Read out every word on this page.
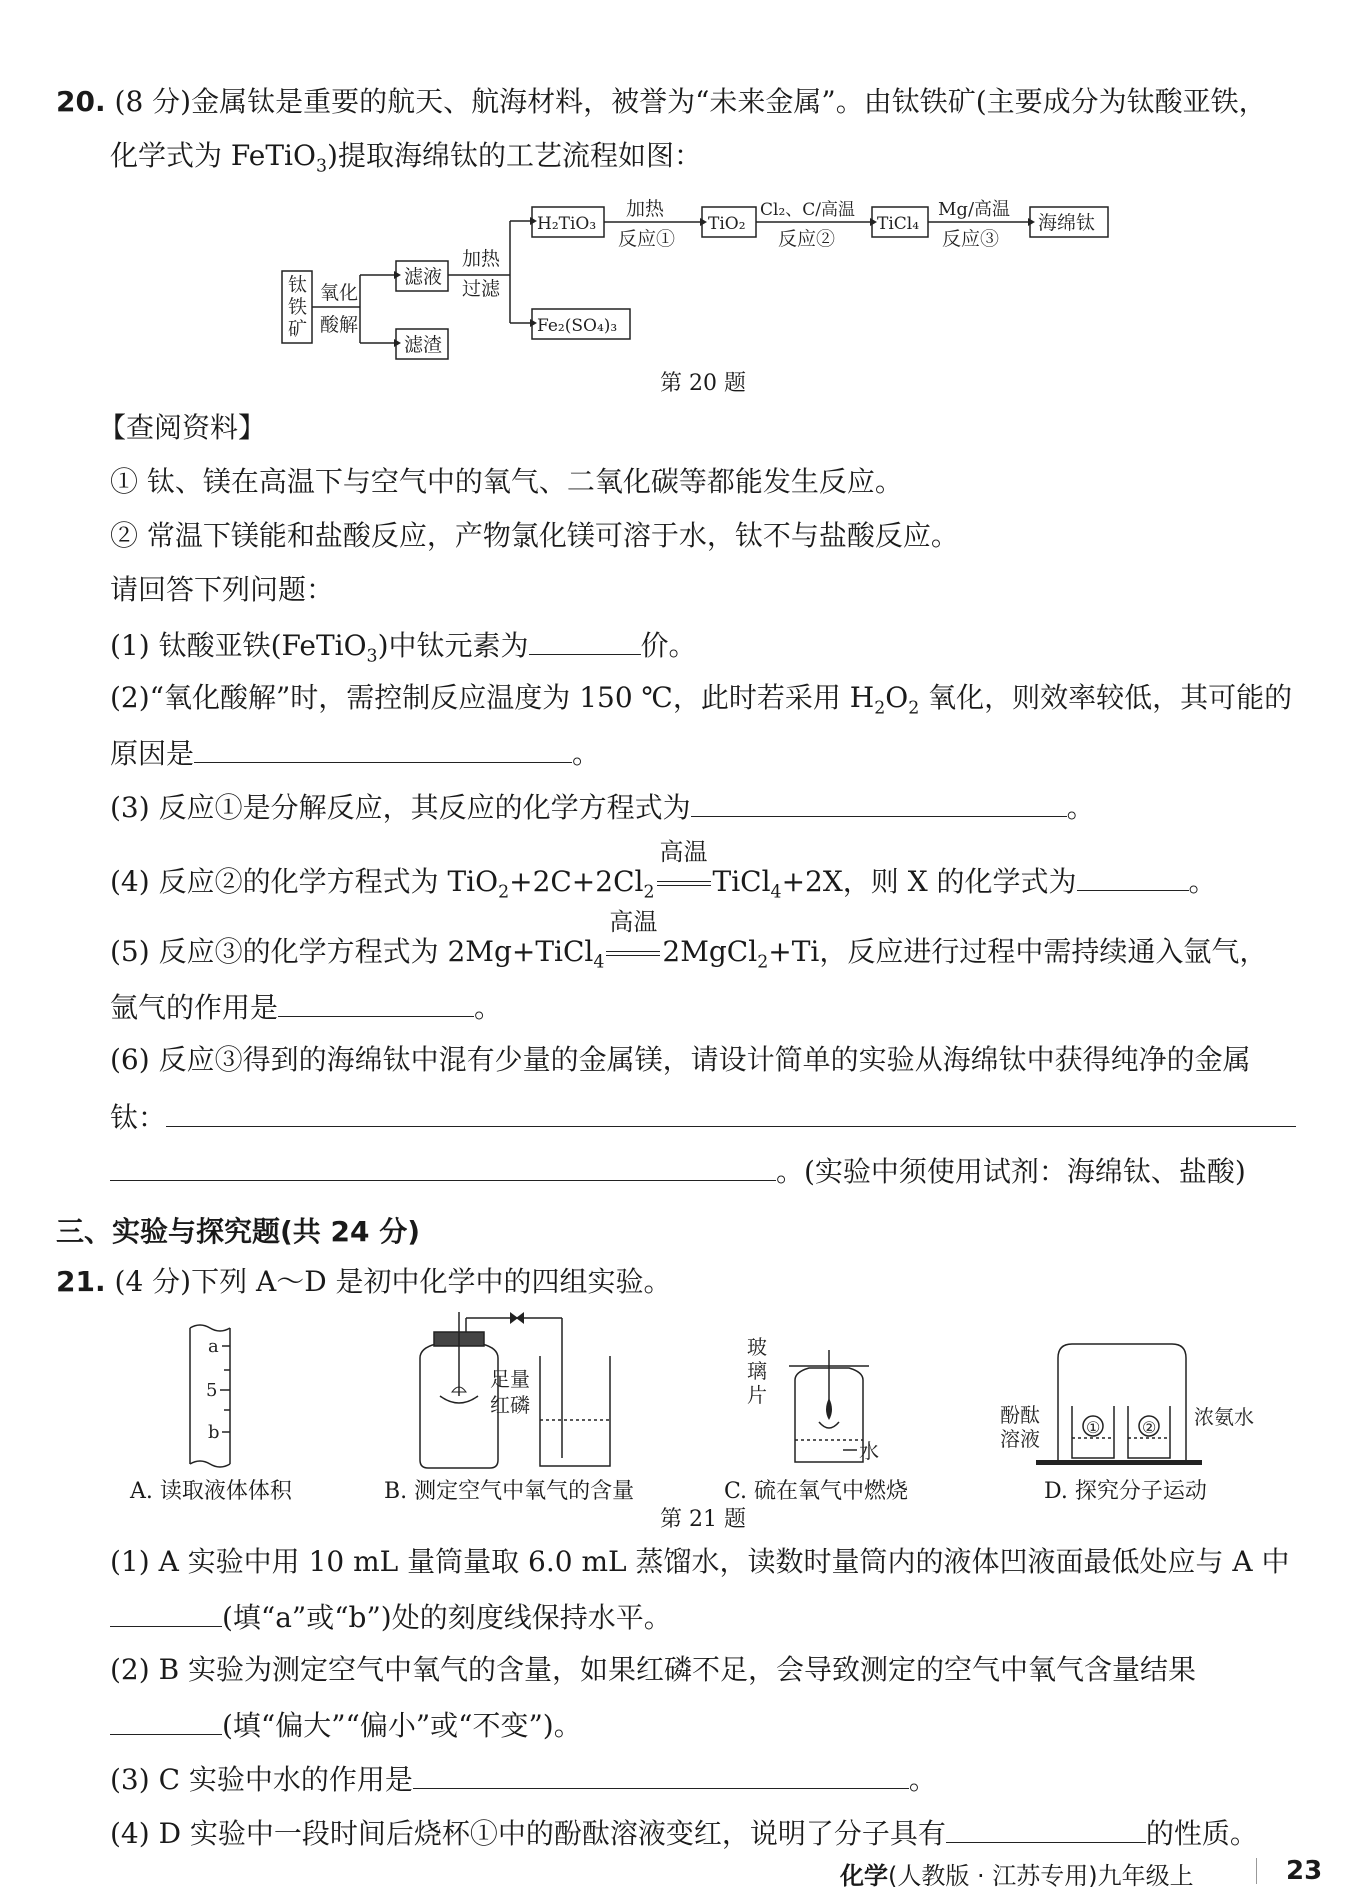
20. (8 分)金属钛是重要的航天、航海材料，被誉为“未来金属”。由钛铁矿(主要成分为钛酸亚铁，
化学式为 FeTiO$_3$)提取海绵钛的工艺流程如图：
钛
铁
矿
氧化
酸解
滤液
滤渣
加热
过滤
H₂TiO₃
Fe₂(SO₄)₃
加热
反应①
TiO₂
Cl₂、C/高温
反应②
TiCl₄
Mg/高温
反应③
海绵钛
第 20 题
【查阅资料】
① 钛、镁在高温下与空气中的氧气、二氧化碳等都能发生反应。
② 常温下镁能和盐酸反应，产物氯化镁可溶于水，钛不与盐酸反应。
请回答下列问题：
(1) 钛酸亚铁(FeTiO$_3$)中钛元素为	价。
(2)“氧化酸解”时，需控制反应温度为 150 ℃，此时若采用 $H_2O_2$ 氧化，则效率较低，其可能的
原因是	。
(3) 反应①是分解反应，其反应的化学方程式为	。
(4) 反应②的化学方程式为 $TiO_2+2C+2Cl_2$
高温
TiCl$_4$+2X，则 X 的化学式为	。
(5) 反应③的化学方程式为 2Mg+TiCl$_4$
高温
2MgCl$_2$+Ti，反应进行过程中需持续通入氩气，
氩气的作用是	。
(6) 反应③得到的海绵钛中混有少量的金属镁，请设计简单的实验从海绵钛中获得纯净的金属
钛：
。(实验中须使用试剂：海绵钛、盐酸)
三、实验与探究题(共 24 分)
21. (4 分)下列 A～D 是初中化学中的四组实验。
a
5
b
A. 读取液体体积
足量
红磷
B. 测定空气中氧气的含量
玻
璃
片
水
C. 硫在氧气中燃烧
酚酞
溶液
浓氨水
①	②
D. 探究分子运动
第 21 题
(1) A 实验中用 10 mL 量筒量取 6.0 mL 蒸馏水，读数时量筒内的液体凹液面最低处应与 A 中
(填“a”或“b”)处的刻度线保持水平。
(2) B 实验为测定空气中氧气的含量，如果红磷不足，会导致测定的空气中氧气含量结果
(填“偏大”“偏小”或“不变”)。
(3) C 实验中水的作用是	。
(4) D 实验中一段时间后烧杯①中的酚酞溶液变红，说明了分子具有	的性质。
化学(人教版 · 江苏专用)九年级上	23
